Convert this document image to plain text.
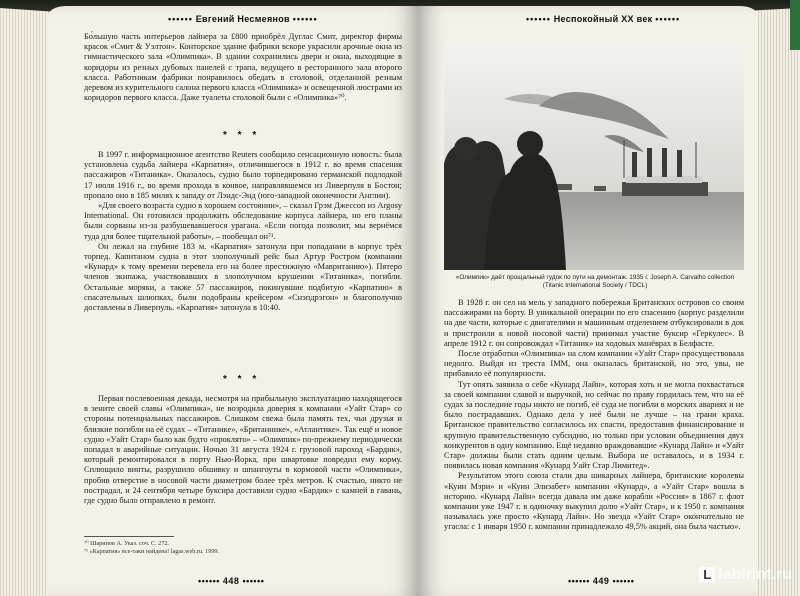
•••••• Евгений Несмеянов ••••••

Бо́льшую часть интерьеров лайнера за £800 приобрёл Дуглас Смит, директор фирмы красок «Смит & Уэлтон». Конторское здание фабрики вскоре украсили арочные окна из гимнастического зала «Олимпика». В здании сохранились двери и окна, выходящие в коридоры из резных дубовых панелей с трапа, ведущего в ресторанного зала второго класса. Работникам фабрики понравилось обедать в столовой, отделанной резным деревом из курительного салона первого класса «Олимпика» и освещенной люстрами из коридоров первого класса. Даже туалеты столовой были с «Олимпика»⁷⁰.

* * *

В 1997 г. информационное агентство Reuters сообщило сенсационную новость: была установлена судьба лайнера «Карпатия», отличившегося в 1912 г. во время спасения пассажиров «Титаника». Оказалось, судно было торпедировано германской подлодкой 17 июля 1916 г., во время прохода в конвое, направлявшемся из Ливерпуля в Бостон; пропало оно в 185 милях к западу от Лэндс-Энд (юго-западной оконечности Англии).

«Для своего возраста судно в хорошем состоянии», – сказал Грэм Джессоп из Argosy International. Он готовился продолжить обследование корпуса лайнера, но его планы были сорваны из-за разбушевавшегося урагана. «Если погода позволит, мы вернёмся туда для более тщательной работы», – пообещал он⁷¹.

Он лежал на глубине 183 м. «Карпатия» затонула при попадании в корпус трёх торпед. Капитаном судна в этот злополучный рейс был Артур Ростром (компании «Кунард» к тому времени перевела его на более престижную «Мавританию»). Пятеро членов экипажа, участвовавших в злополучном крушении «Титаника», погибли. Остальные моряки, а также 57 пассажиров, покинувшие подбитую «Карпатию» в спасательных шлюпках, были подобраны крейсером «Снэпдрэгон» и благополучно доставлены в Ливерпуль. «Карпатия» затонула в 10:40.

* * *

Первая послевоенная декада, несмотря на прибыльную эксплуатацию находящегося в зените своей славы «Олимпика», не возродила доверия к компании «Уайт Стар» со стороны потенциальных пассажиров. Слишком свежа была память тех, чьи друзья и близкие погибли на её судах – «Титанике», «Британнике», «Атлантике». Так ещё и новое судно «Уайт Стар» было как будто «проклято» – «Олимпик» по-прежнему периодически попадал в аварийные ситуации. Ночью 31 августа 1924 г. грузовой пароход «Бардик», который ремонтировался в порту Нью-Йорка, при швартовке повредил ему корму. Сплющило винты, разрушило обшивку и шпангоуты в кормовой части «Олимпика», пробив отверстие в носовой части диаметром более трёх метров. К счастью, никто не пострадал, и 24 сентября четыре буксира доставили судно «Бардик» с камней в гавань, где судно было отправлено в ремонт.

⁷⁰ Шарипов А. Указ. соч. С. 272.
⁷¹ «Карпатия» все-таки найдена! lagas.web.ru. 1999.
•••••• 448 ••••••
•••••• Неспокойный XX век ••••••
«Олимпик» даёт прощальный гудок по пути на демонтаж. 1935 г. Joseph A. Carvalho collection (Titanic International Society / TDCL)

В 1928 г. он сел на мель у западного побережья Британских островов со своим пассажирами на борту. В уникальной операции по его спасению (корпус разделили на две части, которые с двигателями и машинным отделением отбуксировали в док и пристроили к новой носовой части) принимал участие буксир «Геркулес». В апреле 1912 г. он сопровождал «Титаник» на ходовых манёврах в Белфасте.

После отработки «Олимпика» на слом компании «Уайт Стар» просуществовала недолго. Выйдя из треста IMM, она оказалась британской, но это, увы, не прибавило её популярности.

Тут опять заявила о себе «Кунард Лайн», которая хоть и не могла похвастаться за своей компании славой и выручкой, но сейчас по праву гордилась тем, что на её судах за последние годы никто не погиб, её суда не погибли в морских авариях и не было пострадавших. Однако дела у неё были не лучше – на грани краха. Британское правительство согласилось их спасти, предоставив финансирование и крупную правительственную субсидию, но только при условии объединения двух конкурентов в одну компанию. Ещё недавно враждовавшие «Кунард Лайн» и «Уайт Стар» должны были стать одним целым. Выбора не оставалось, и в 1934 г. появилась новая компания «Кунард Уайт Стар Лимитед».

Результатом этого союза стали два шикарных лайнера, британские королевы «Куин Мэри» и «Куин Элизабет» компании «Кунард», а «Уайт Стар» вошла в историю. «Кунард Лайн» всегда давала им даже корабли «Россия» в 1867 г. флот компании уже 1947 г. в одиночку выкупил долю «Уайт Стар», и к 1950 г. компания называлась уже просто «Кунард Лайн». Но звезда «Уайт Стар» окончательно не угасла: с 1 января 1950 г. компании принадлежало 49,5% акций, она была частью».

•••••• 449 ••••••	L labirint.ru
